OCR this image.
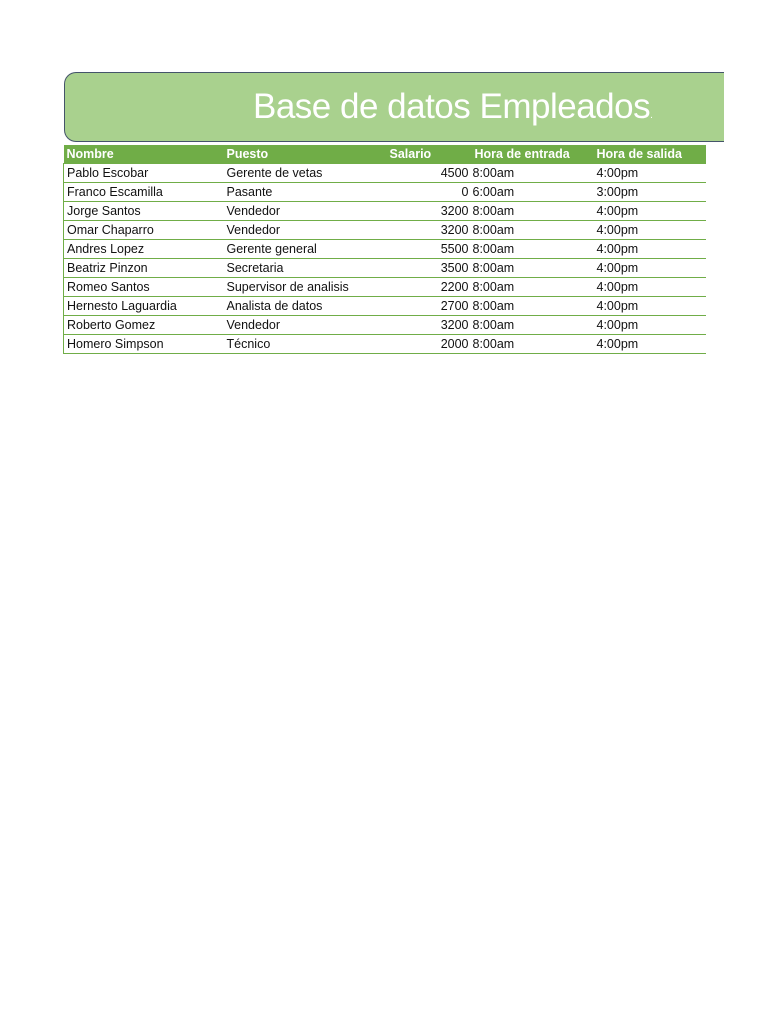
Base de datos Empleados.
Nombre	Puesto	Salario	Hora de entrada	Hora de salida
Pablo Escobar	Gerente de vetas	4500	8:00am	4:00pm
Franco Escamilla	Pasante	0	6:00am	3:00pm
Jorge Santos	Vendedor	3200	8:00am	4:00pm
Omar Chaparro	Vendedor	3200	8:00am	4:00pm
Andres Lopez	Gerente general	5500	8:00am	4:00pm
Beatriz Pinzon	Secretaria	3500	8:00am	4:00pm
Romeo Santos	Supervisor de analisis	2200	8:00am	4:00pm
Hernesto Laguardia	Analista de datos	2700	8:00am	4:00pm
Roberto Gomez	Vendedor	3200	8:00am	4:00pm
Homero Simpson	Técnico	2000	8:00am	4:00pm
